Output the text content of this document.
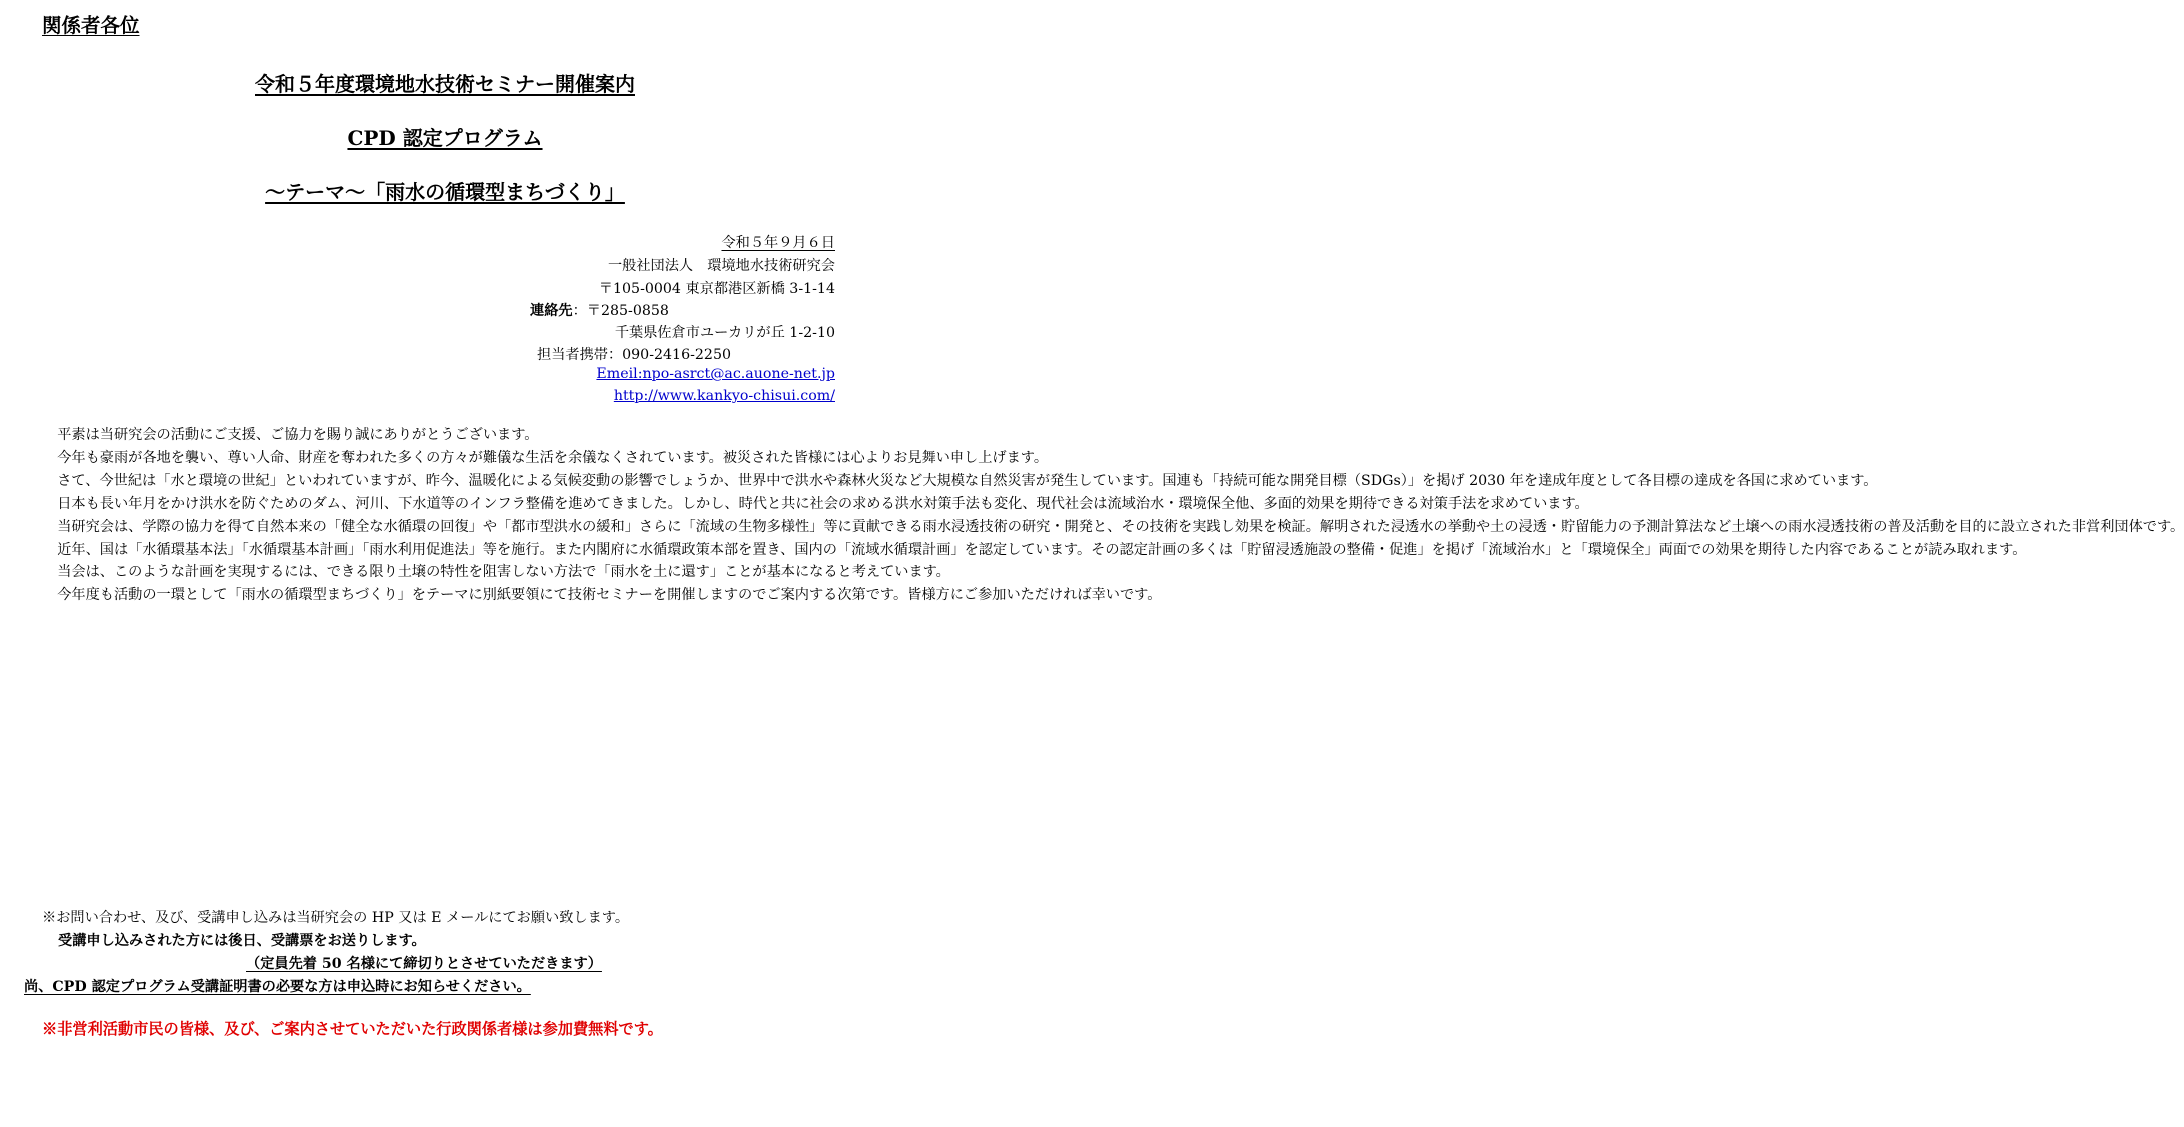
関係者各位
令和５年度環境地水技術セミナー開催案内
CPD 認定プログラム
～テーマ～「雨水の循環型まちづくり」
令和５年９月６日
一般社団法人　環境地水技術研究会
〒105-0004 東京都港区新橋 3-1-14
連絡先：〒285-0858
千葉県佐倉市ユーカリが丘 1-2-10
担当者携帯：090-2416-2250
Emeil:npo-asrct@ac.auone-net.jp
http://www.kankyo-chisui.com/

平素は当研究会の活動にご支援、ご協力を賜り誠にありがとうございます。

今年も豪雨が各地を襲い、尊い人命、財産を奪われた多くの方々が難儀な生活を余儀なくされています。被災された皆様には心よりお見舞い申し上げます。

さて、今世紀は「水と環境の世紀」といわれていますが、昨今、温暖化による気候変動の影響でしょうか、世界中で洪水や森林火災など大規模な自然災害が発生しています。国連も「持続可能な開発目標（SDGs）」を掲げ 2030 年を達成年度として各目標の達成を各国に求めています。

日本も長い年月をかけ洪水を防ぐためのダム、河川、下水道等のインフラ整備を進めてきました。しかし、時代と共に社会の求める洪水対策手法も変化、現代社会は流域治水・環境保全他、多面的効果を期待できる対策手法を求めています。

当研究会は、学際の協力を得て自然本来の「健全な水循環の回復」や「都市型洪水の緩和」さらに「流域の生物多様性」等に貢献できる雨水浸透技術の研究・開発と、その技術を実践し効果を検証。解明された浸透水の挙動や土の浸透・貯留能力の予測計算法など土壌への雨水浸透技術の普及活動を目的に設立された非営利団体です。

近年、国は「水循環基本法」「水循環基本計画」「雨水利用促進法」等を施行。また内閣府に水循環政策本部を置き、国内の「流域水循環計画」を認定しています。その認定計画の多くは「貯留浸透施設の整備・促進」を掲げ「流域治水」と「環境保全」両面での効果を期待した内容であることが読み取れます。

当会は、このような計画を実現するには、できる限り土壌の特性を阻害しない方法で「雨水を土に還す」ことが基本になると考えています。

今年度も活動の一環として「雨水の循環型まちづくり」をテーマに別紙要領にて技術セミナーを開催しますのでご案内する次第です。皆様方にご参加いただければ幸いです。

※お問い合わせ、及び、受講申し込みは当研究会の HP 又は E メールにてお願い致します。
受講申し込みされた方には後日、受講票をお送りします。
（定員先着 50 名様にて締切りとさせていただきます）
尚、CPD 認定プログラム受講証明書の必要な方は申込時にお知らせください。
※非営利活動市民の皆様、及び、ご案内させていただいた行政関係者様は参加費無料です。
